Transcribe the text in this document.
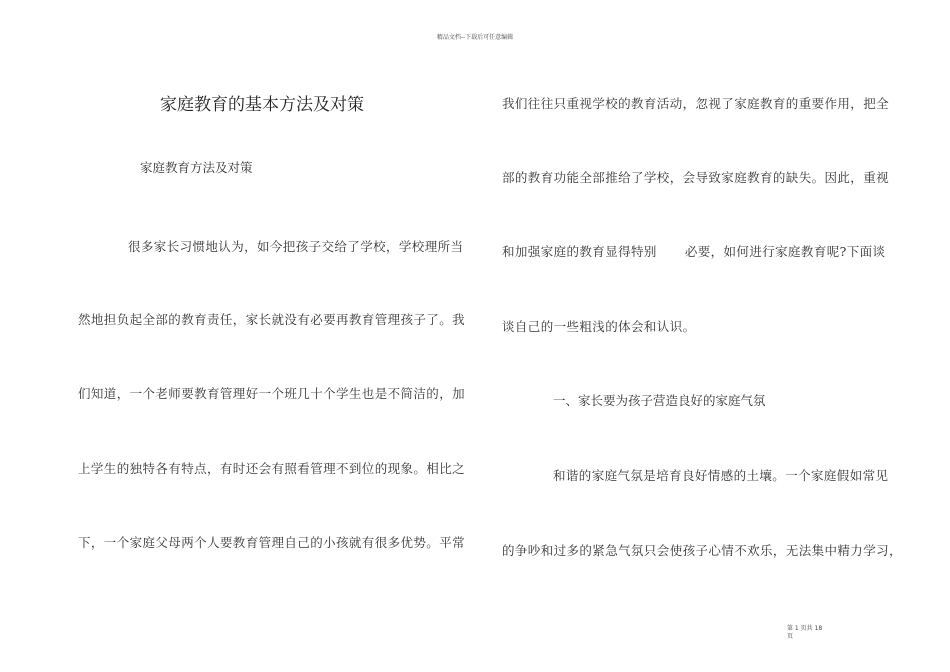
精品文档--下载后可任意编辑
家庭教育的基本方法及对策
家庭教育方法及对策
很多家长习惯地认为，如今把孩子交给了学校，学校理所当
然地担负起全部的教育责任，家长就没有必要再教育管理孩子了。我
们知道，一个老师要教育管理好一个班几十个学生也是不简洁的，加
上学生的独特各有特点，有时还会有照看管理不到位的现象。相比之
下，一个家庭父母两个人要教育管理自己的小孩就有很多优势。平常
我们往往只重视学校的教育活动，忽视了家庭教育的重要作用，把全
部的教育功能全部推给了学校，会导致家庭教育的缺失。因此，重视
和加强家庭的教育显得特别 必要，如何进行家庭教育呢?下面谈
谈自己的一些粗浅的体会和认识。
一、家长要为孩子营造良好的家庭气氛
和谐的家庭气氛是培育良好情感的土壤。一个家庭假如常见
的争吵和过多的紧急气氛只会使孩子心情不欢乐，无法集中精力学习，
第 1 页共 18
页
